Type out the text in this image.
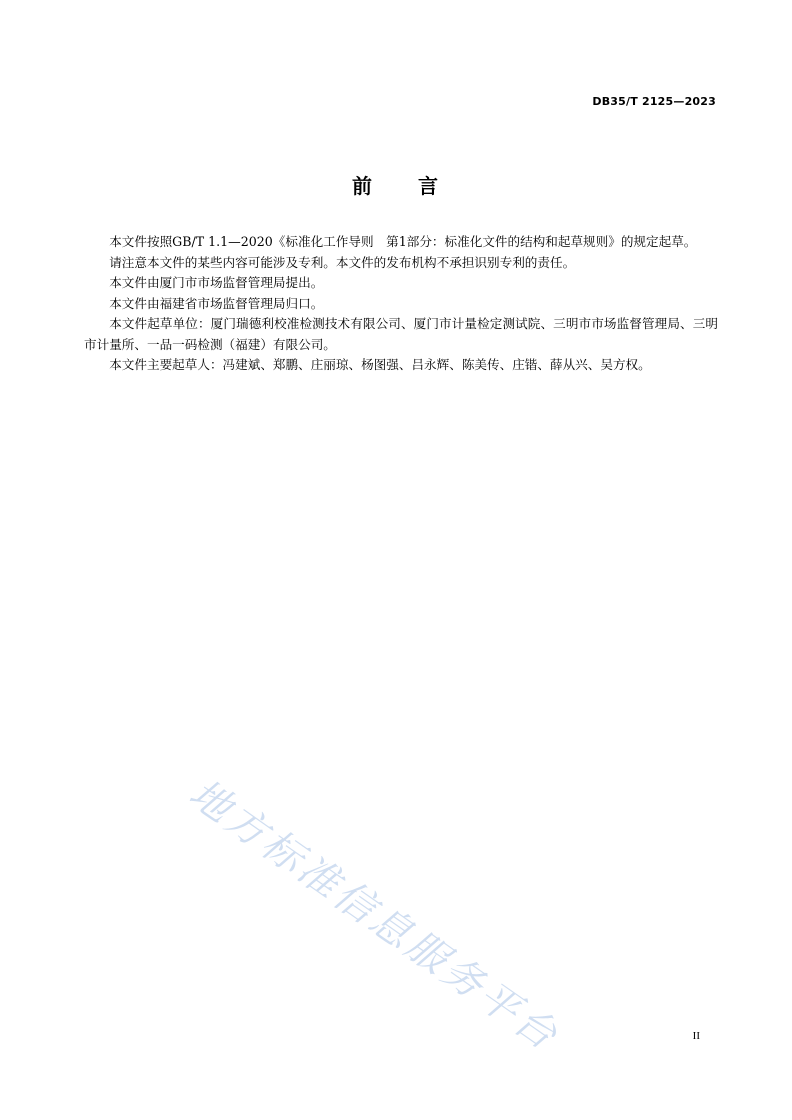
DB35/T 2125—2023
前　　言

本文件按照GB/T 1.1—2020《标准化工作导则　第1部分：标准化文件的结构和起草规则》的规定起草。

请注意本文件的某些内容可能涉及专利。本文件的发布机构不承担识别专利的责任。

本文件由厦门市市场监督管理局提出。

本文件由福建省市场监督管理局归口。

本文件起草单位：厦门瑞德利校准检测技术有限公司、厦门市计量检定测试院、三明市市场监督管理局、三明市计量所、一品一码检测（福建）有限公司。

本文件主要起草人：冯建斌、郑鹏、庄丽琼、杨图强、吕永辉、陈美传、庄锴、薛从兴、吴方权。

地方标准信息服务平台	II
